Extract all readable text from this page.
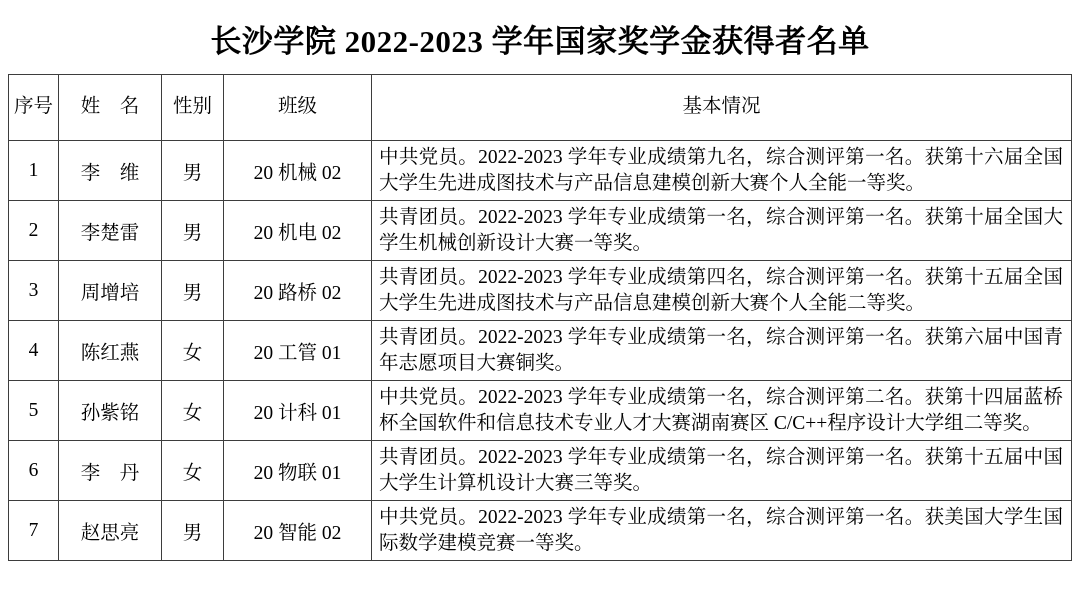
长沙学院 2022-2023 学年国家奖学金获得者名单
序号	姓　名	性别	班级	基本情况
1	李　维	男	20 机械 02	中共党员。2022-2023 学年专业成绩第九名，综合测评第一名。获第十六届全国大学生先进成图技术与产品信息建模创新大赛个人全能一等奖。
2	李楚雷	男	20 机电 02	共青团员。2022-2023 学年专业成绩第一名，综合测评第一名。获第十届全国大学生机械创新设计大赛一等奖。
3	周增培	男	20 路桥 02	共青团员。2022-2023 学年专业成绩第四名，综合测评第一名。获第十五届全国大学生先进成图技术与产品信息建模创新大赛个人全能二等奖。
4	陈红燕	女	20 工管 01	共青团员。2022-2023 学年专业成绩第一名，综合测评第一名。获第六届中国青年志愿项目大赛铜奖。
5	孙紫铭	女	20 计科 01	中共党员。2022-2023 学年专业成绩第一名，综合测评第二名。获第十四届蓝桥杯全国软件和信息技术专业人才大赛湖南赛区 C/C++程序设计大学组二等奖。
6	李　丹	女	20 物联 01	共青团员。2022-2023 学年专业成绩第一名，综合测评第一名。获第十五届中国大学生计算机设计大赛三等奖。
7	赵思亮	男	20 智能 02	中共党员。2022-2023 学年专业成绩第一名，综合测评第一名。获美国大学生国际数学建模竞赛一等奖。
